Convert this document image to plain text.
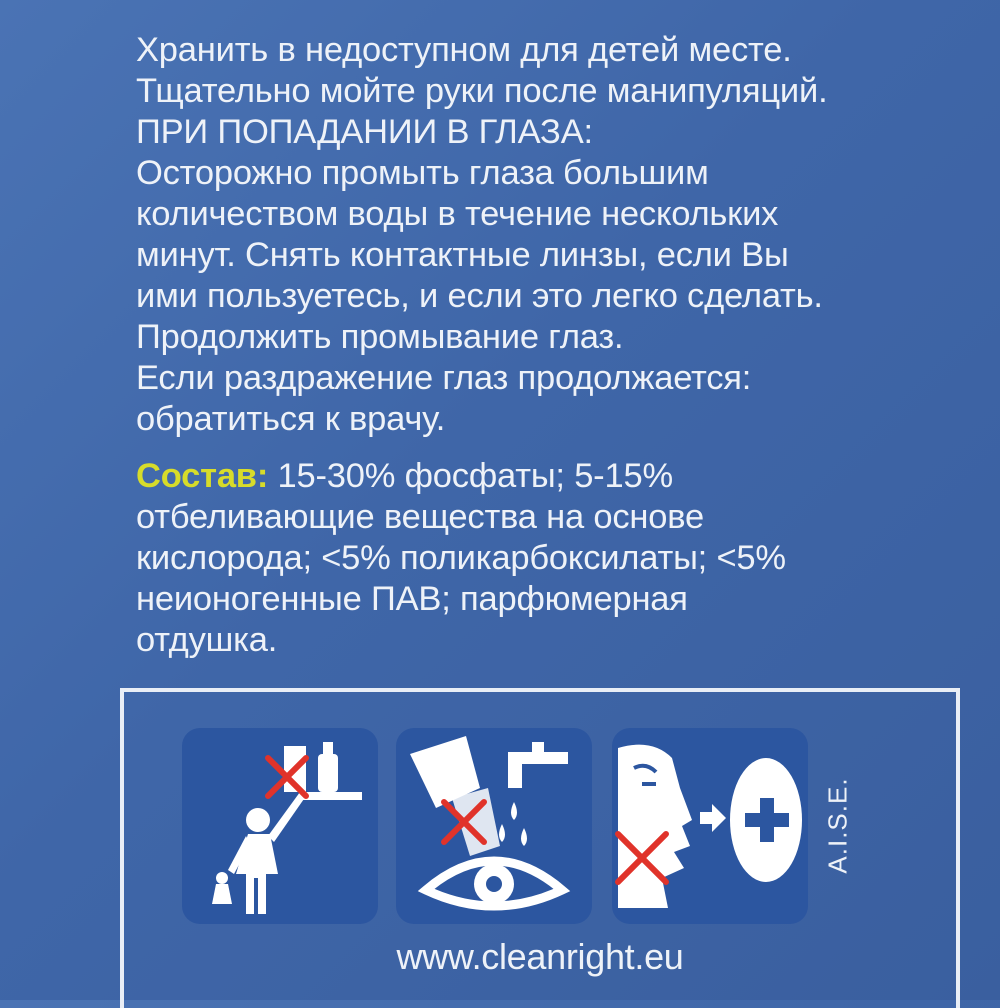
Хранить в недоступном для детей месте.
Тщательно мойте руки после манипуляций.
ПРИ ПОПАДАНИИ В ГЛАЗА:
Осторожно промыть глаза большим
количеством воды в течение нескольких
минут. Снять контактные линзы, если Вы
ими пользуетесь, и если это легко сделать.
Продолжить промывание глаз.
Если раздражение глаз продолжается:
обратиться к врачу.
Состав: 15-30% фосфаты; 5-15%
отбеливающие вещества на основе
кислорода; <5% поликарбоксилаты; <5%
неионогенные ПАВ; парфюмерная
отдушка.
A.I.S.E.
www.cleanright.eu
